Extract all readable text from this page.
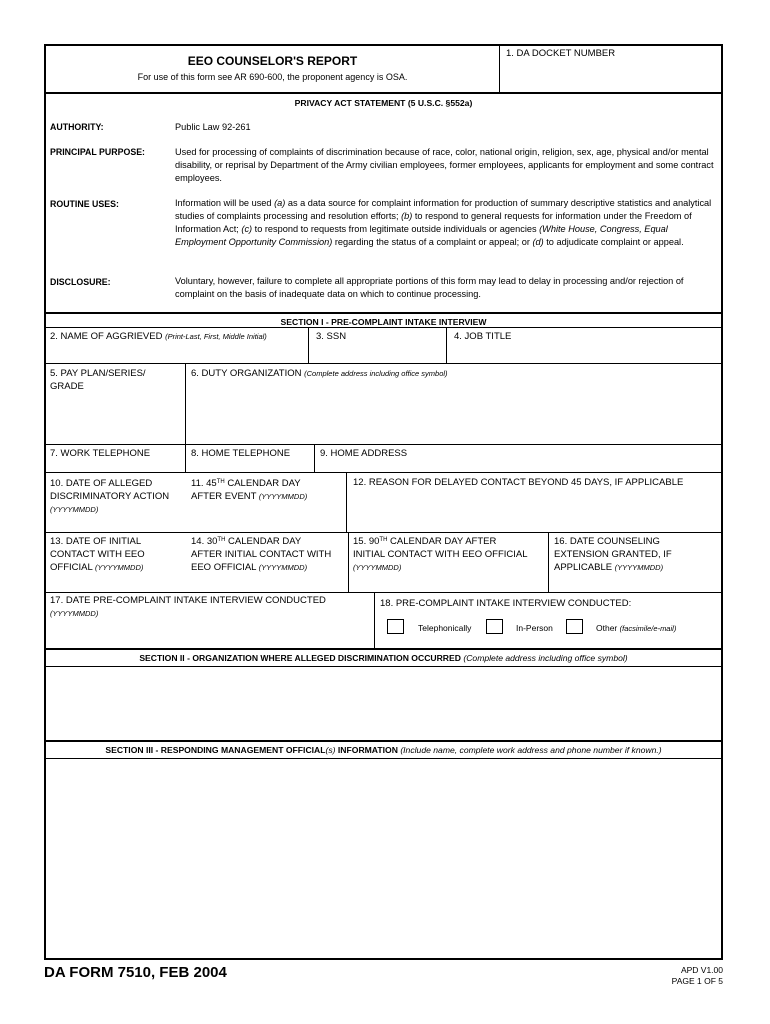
EEO COUNSELOR'S REPORT
For use of this form see AR 690-600, the proponent agency is OSA.
1. DA DOCKET NUMBER
PRIVACY ACT STATEMENT (5 U.S.C. §552a)
AUTHORITY:	Public Law 92-261
PRINCIPAL PURPOSE:	Used for processing of complaints of discrimination because of race, color, national origin, religion, sex, age, physical and/or mental disability, or reprisal by Department of the Army civilian employees, former employees, applicants for employment and some contract employees.
ROUTINE USES:	Information will be used (a) as a data source for complaint information for production of summary descriptive statistics and analytical studies of complaints processing and resolution efforts; (b) to respond to general requests for information under the Freedom of Information Act; (c) to respond to requests from legitimate outside individuals or agencies (White House, Congress, Equal Employment Opportunity Commission) regarding the status of a complaint or appeal; or (d) to adjudicate complaint or appeal.
DISCLOSURE:	Voluntary, however, failure to complete all appropriate portions of this form may lead to delay in processing and/or rejection of complaint on the basis of inadequate data on which to continue processing.
SECTION I - PRE-COMPLAINT INTAKE INTERVIEW
2. NAME OF AGGRIEVED (Print-Last, First, Middle Initial)	3. SSN	4. JOB TITLE
5. PAY PLAN/SERIES/
GRADE
6. DUTY ORGANIZATION (Complete address including office symbol)
7. WORK TELEPHONE	8. HOME TELEPHONE	9. HOME ADDRESS
10. DATE OF ALLEGED
DISCRIMINATORY ACTION
(YYYYMMDD)
11. 45TH CALENDAR DAY
AFTER EVENT (YYYYMMDD)
12. REASON FOR DELAYED CONTACT BEYOND 45 DAYS, IF APPLICABLE
13. DATE OF INITIAL
CONTACT WITH EEO
OFFICIAL (YYYYMMDD)
14. 30TH CALENDAR DAY
AFTER INITIAL CONTACT WITH
EEO OFFICIAL (YYYYMMDD)
15. 90TH CALENDAR DAY AFTER
INITIAL CONTACT WITH EEO OFFICIAL
(YYYYMMDD)
16. DATE COUNSELING
EXTENSION GRANTED, IF
APPLICABLE (YYYYMMDD)
17. DATE PRE-COMPLAINT INTAKE INTERVIEW CONDUCTED
(YYYYMMDD)
18. PRE-COMPLAINT INTAKE INTERVIEW CONDUCTED:
Telephonically	In-Person	Other (facsimile/e-mail)
SECTION II - ORGANIZATION WHERE ALLEGED DISCRIMINATION OCCURRED (Complete address including office symbol)
SECTION III - RESPONDING MANAGEMENT OFFICIAL(s) INFORMATION (Include name, complete work address and phone number if known.)
DA FORM 7510, FEB 2004	APD V1.00
PAGE 1 OF 5
